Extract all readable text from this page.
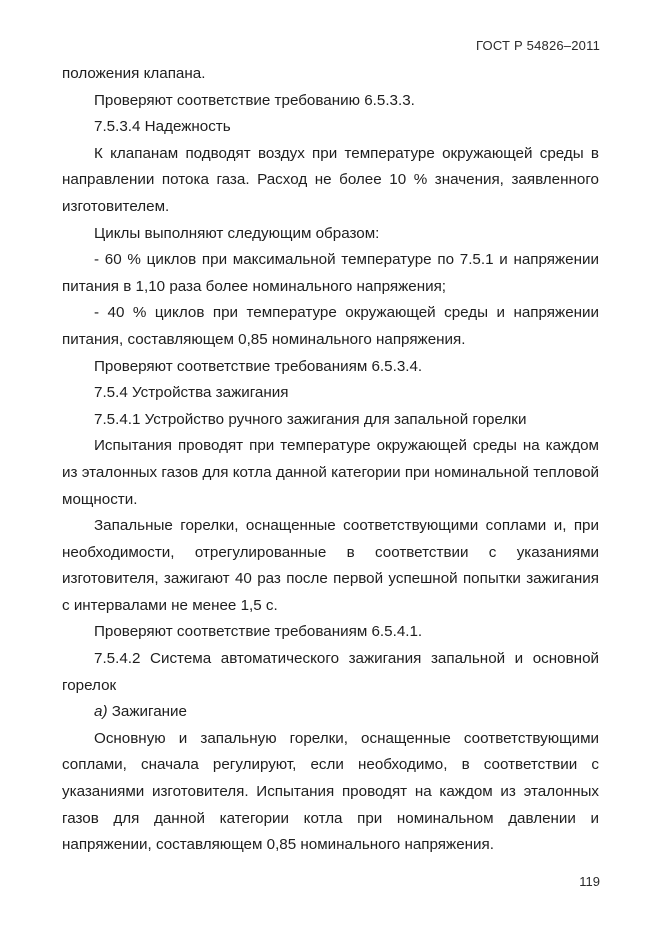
ГОСТ Р 54826–2011

положения клапана.

Проверяют соответствие требованию 6.5.3.3.

7.5.3.4 Надежность

К клапанам подводят воздух при температуре окружающей среды в направлении потока газа. Расход не более 10 % значения, заявленного изготовителем.

Циклы выполняют следующим образом:

- 60 % циклов при максимальной температуре по 7.5.1 и напряжении питания в 1,10 раза более номинального напряжения;

- 40 % циклов при температуре окружающей среды и напряжении питания, составляющем 0,85 номинального напряжения.

Проверяют соответствие требованиям 6.5.3.4.

7.5.4 Устройства зажигания

7.5.4.1 Устройство ручного зажигания для запальной горелки

Испытания проводят при температуре окружающей среды на каждом из эталонных газов для котла данной категории при номинальной тепловой мощности.

Запальные горелки, оснащенные соответствующими соплами и, при необходимости, отрегулированные в соответствии с указаниями изготовителя, зажигают 40 раз после первой успешной попытки зажигания с интервалами не менее 1,5 с.

Проверяют соответствие требованиям 6.5.4.1.

7.5.4.2 Система автоматического зажигания запальной и основной горелок

а) Зажигание

Основную и запальную горелки, оснащенные соответствующими соплами, сначала регулируют, если необходимо, в соответствии с указаниями изготовителя. Испытания проводят на каждом из эталонных газов для данной категории котла при номинальном давлении и напряжении, составляющем 0,85 номинального напряжения.

119
